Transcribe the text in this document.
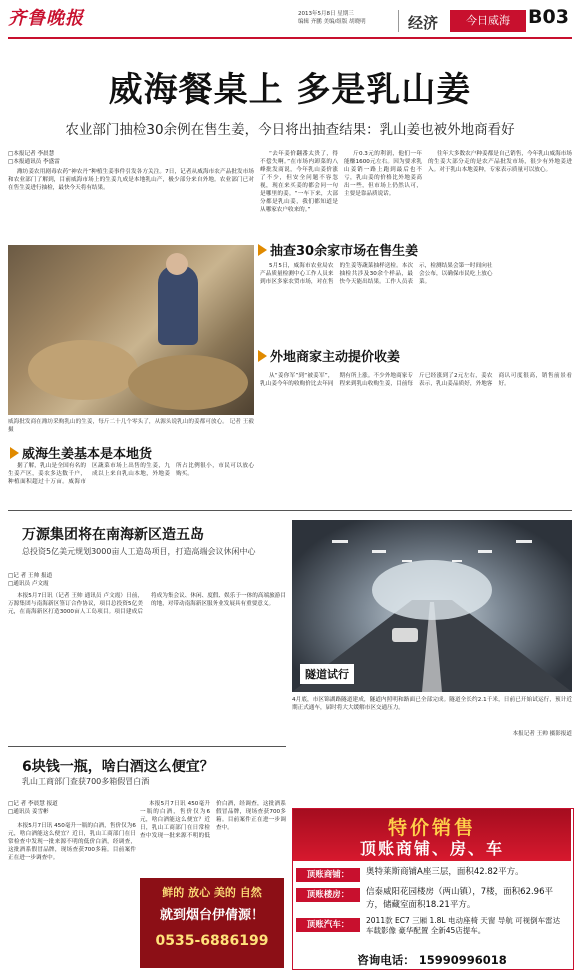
齐鲁晚报	2013年5月8日 星期三
编辑 齐鹏 美编/组版 胡晓明	经济	今日威海 B03
威海餐桌上 多是乳山姜
农业部门抽检30余例在售生姜，今日将出抽查结果：乳山姜也被外地商看好
□本报记者 李晨慧
□本报通讯员 李盛雷

潍坊姜农用剧毒农药“神农丹”种植生姜事件引发各方关注。7日，记者从威海市农产品批发市场和农业部门了解到，目前威海市场上的生姜九成是本地乳山产，极少部分来自外地。农业部门已对在售生姜进行抽检，最快今天将有结果。

威海批发商在潍坊采购乳山的生姜，每斤二十几个零头了，从源头说乳山的姜都可放心。 记者 王毅 摄

“去年姜价翻番太贵了，得不偿失啊。”在市场内卸菜的八峰批发商说，今年乳山姜价涨了不少，但安全问题不容忽视，现在来买姜的都会问一句是哪里的姜。“一车下来，大部分都是乳山姜，我们都知道是从哪家农户收来的。”

斤0.3元的利润，他们一年能赚1600元左右。因为要求乳山姜销一路上跑到最后也不亏，乳山姜的价格比外地姜高出一些，但市场上仍然认可，主要是靠品质说话。

往年大多数农户种姜都是自己销售，今年乳山威海市场的生姜大部分走的是农产品批发市场，很少有外地姜进入。对于乳山本地姜种，专家表示质量可以放心。

抽查30余家市场在售生姜

5月5日，威海市农业局农产品质量检测中心工作人员来到市区多家农贸市场，对在售的生姜等蔬菜抽样送检。本次抽检共涉及30余个样品，最快今天能出结果。工作人员表示，检测结果会第一时间向社会公布，以确保市民吃上放心菜。

外地商家主动提价收姜

从“姜你军”到“被姜军”，乳山姜今年的收购价比去年同期有所上涨。不少外地商家专程来到乳山收购生姜，目前每斤已经涨到了2元左右，姜农表示，乳山姜品质好，外地客商认可度很高，销售前景看好。

威海生姜基本是本地货

据了解，乳山是全国有名的生姜产区，姜农多达数千户，种植面积超过十万亩。威海市区蔬菜市场上出售的生姜，九成以上来自乳山本地，外地姜所占比例很小，市民可以放心购买。

万源集团将在南海新区造五岛
总投资5亿美元规划3000亩人工造岛项目，打造高端会议休闲中心
□记 者 王帅 报道
□通讯员 卢文霞

本报5月7日讯（记者 王帅 通讯员 卢文霞）日前，万源集团与南海新区签订合作协议，项目总投资5亿美元，在南海新区打造3000亩人工岛项目。项目建成后将成为集会议、休闲、度假、娱乐于一体的高端旅游目的地，对带动南海新区服务业发展具有重要意义。

隧道试行
4月底，市区锦湖路隧道建成，隧道内照明和路面已全部完成。隧道全长约2.1千米，日前已开始试运行，预计近期正式通车，届时将大大缓解市区交通压力。
本报记者 王帅 摄影报道
6块钱一瓶，啥白酒这么便宜？
乳山工商部门查获700多箱假冒白酒
□记 者 李晨慧 报道
□通讯员 姜雪彬

本报5月7日讯 450毫升一瓶的白酒，售价仅为6元，啥白酒能这么便宜？近日，乳山工商部门在日常检查中发现一批来源不明的低价白酒，经调查，这批酒系假冒品牌，现场查获700多箱。目前案件正在进一步调查中。

本报5月7日讯 450毫升一瓶的白酒，售价仅为6元，啥白酒能这么便宜？近日，乳山工商部门在日常检查中发现一批来源不明的低价白酒，经调查，这批酒系假冒品牌，现场查获700多箱。目前案件正在进一步调查中。

鲜的 放心 美的 自然
就到烟台伊倩源！
0535-6886199
特价销售
顶账商铺、房、车
顶账商铺：	奥特莱斯商铺A座三层，面积42.82平方。
顶账楼房：	信泰威阳花园楼房（两山镇），7楼，面积62.96平方，储藏室面积18.21平方。
顶账汽车：	2011款 EC7 三厢 1.8L 电动座椅 天窗 导航 可视倒车雷达 车载影像 豪华配置 全新45店提车。
咨询电话： 15990996018
